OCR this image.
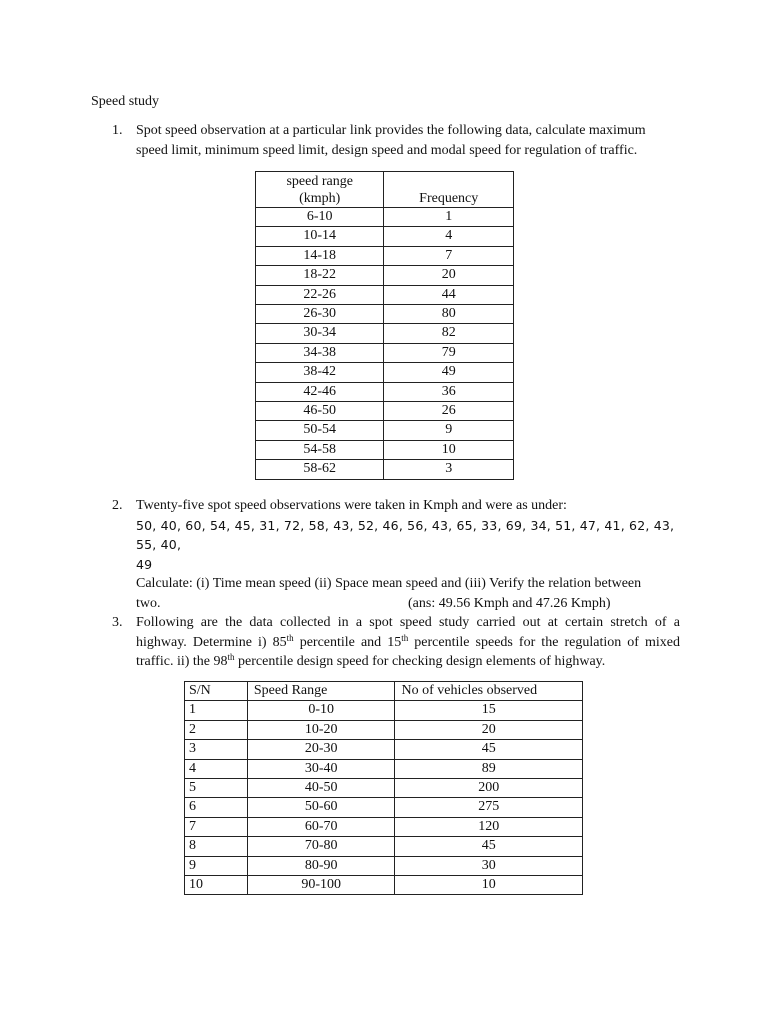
Speed study
1. Spot speed observation at a particular link provides the following data, calculate maximum speed limit, minimum speed limit, design speed and modal speed for regulation of traffic.
speed range
(kmph)	Frequency
6-10	1
10-14	4
14-18	7
18-22	20
22-26	44
26-30	80
30-34	82
34-38	79
38-42	49
42-46	36
46-50	26
50-54	9
54-58	10
58-62	3
2. Twenty-five spot speed observations were taken in Kmph and were as under:
50, 40, 60, 54, 45, 31, 72, 58, 43, 52, 46, 56, 43, 65, 33, 69, 34, 51, 47, 41, 62, 43, 55, 40,
49
Calculate: (i) Time mean speed (ii) Space mean speed and (iii) Verify the relation between
two.	(ans: 49.56 Kmph and 47.26 Kmph)
3. Following are the data collected in a spot speed study carried out at certain stretch of a
highway. Determine i) 85th percentile and 15th percentile speeds for the regulation of mixed
traffic. ii) the 98th percentile design speed for checking design elements of highway.
S/N	Speed Range	No of vehicles observed
1	0-10	15
2	10-20	20
3	20-30	45
4	30-40	89
5	40-50	200
6	50-60	275
7	60-70	120
8	70-80	45
9	80-90	30
10	90-100	10
